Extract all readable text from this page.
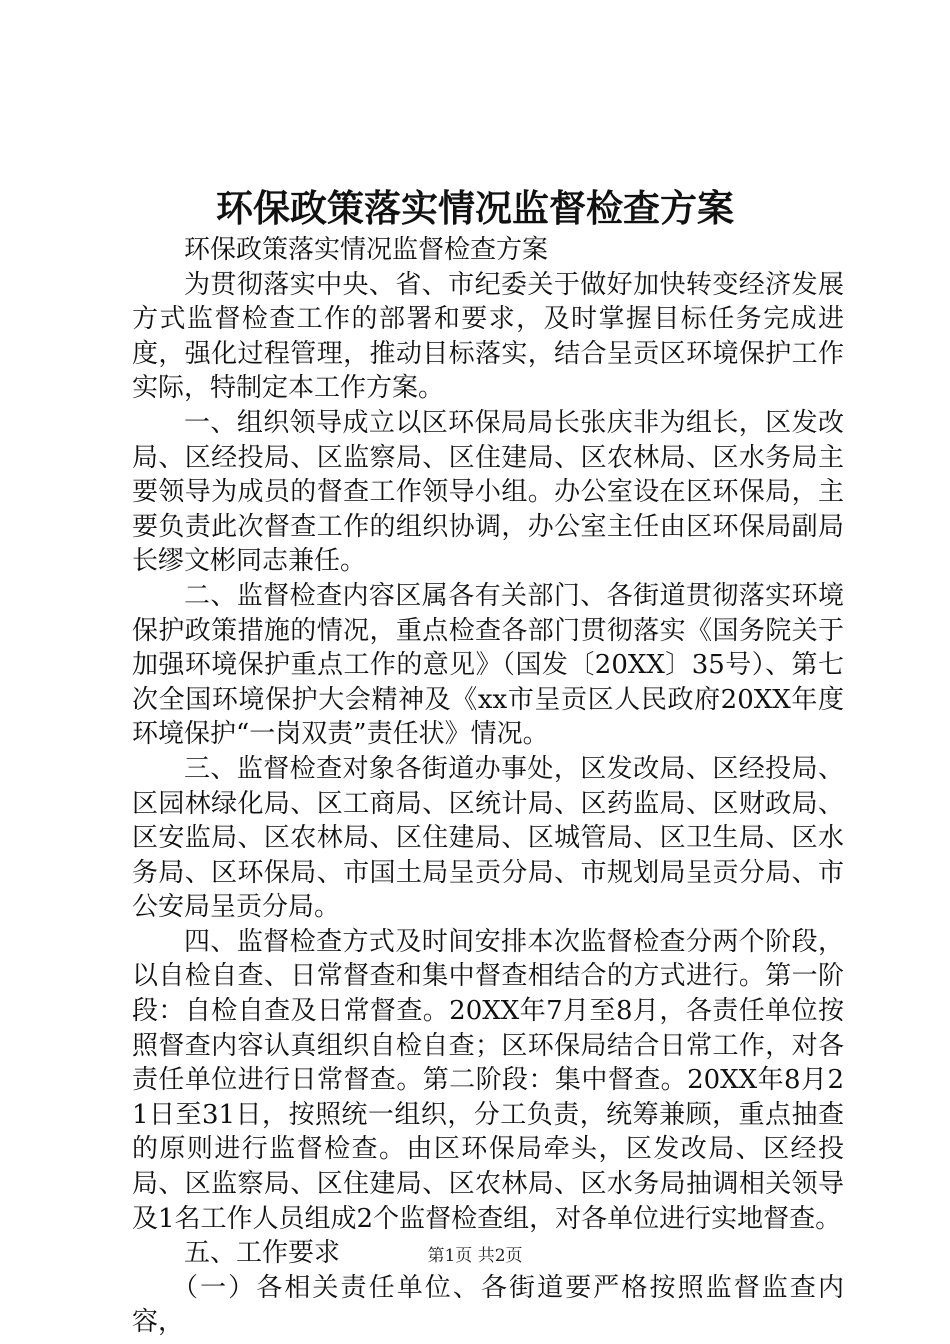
环保政策落实情况监督检查方案

环保政策落实情况监督检查方案

为贯彻落实中央、省、市纪委关于做好加快转变经济发展方式监督检查工作的部署和要求，及时掌握目标任务完成进度，强化过程管理，推动目标落实，结合呈贡区环境保护工作实际，特制定本工作方案。

一、组织领导成立以区环保局局长张庆非为组长，区发改局、区经投局、区监察局、区住建局、区农林局、区水务局主要领导为成员的督查工作领导小组。办公室设在区环保局，主要负责此次督查工作的组织协调，办公室主任由区环保局副局长缪文彬同志兼任。

二、监督检查内容区属各有关部门、各街道贯彻落实环境保护政策措施的情况，重点检查各部门贯彻落实《国务院关于加强环境保护重点工作的意见》（国发〔20XX〕35号）、第七次全国环境保护大会精神及《xx市呈贡区人民政府20XX年度环境保护“一岗双责”责任状》情况。

三、监督检查对象各街道办事处，区发改局、区经投局、区园林绿化局、区工商局、区统计局、区药监局、区财政局、区安监局、区农林局、区住建局、区城管局、区卫生局、区水务局、区环保局、市国土局呈贡分局、市规划局呈贡分局、市公安局呈贡分局。

四、监督检查方式及时间安排本次监督检查分两个阶段，以自检自查、日常督查和集中督查相结合的方式进行。第一阶段：自检自查及日常督查。20XX年7月至8月，各责任单位按照督查内容认真组织自检自查；区环保局结合日常工作，对各责任单位进行日常督查。第二阶段：集中督查。20XX年8月21日至31日，按照统一组织，分工负责，统筹兼顾，重点抽查的原则进行监督检查。由区环保局牵头，区发改局、区经投局、区监察局、区住建局、区农林局、区水务局抽调相关领导及1名工作人员组成2个监督检查组，对各单位进行实地督查。

五、工作要求

（一）各相关责任单位、各街道要严格按照监督监查内容，

第1页 共2页
